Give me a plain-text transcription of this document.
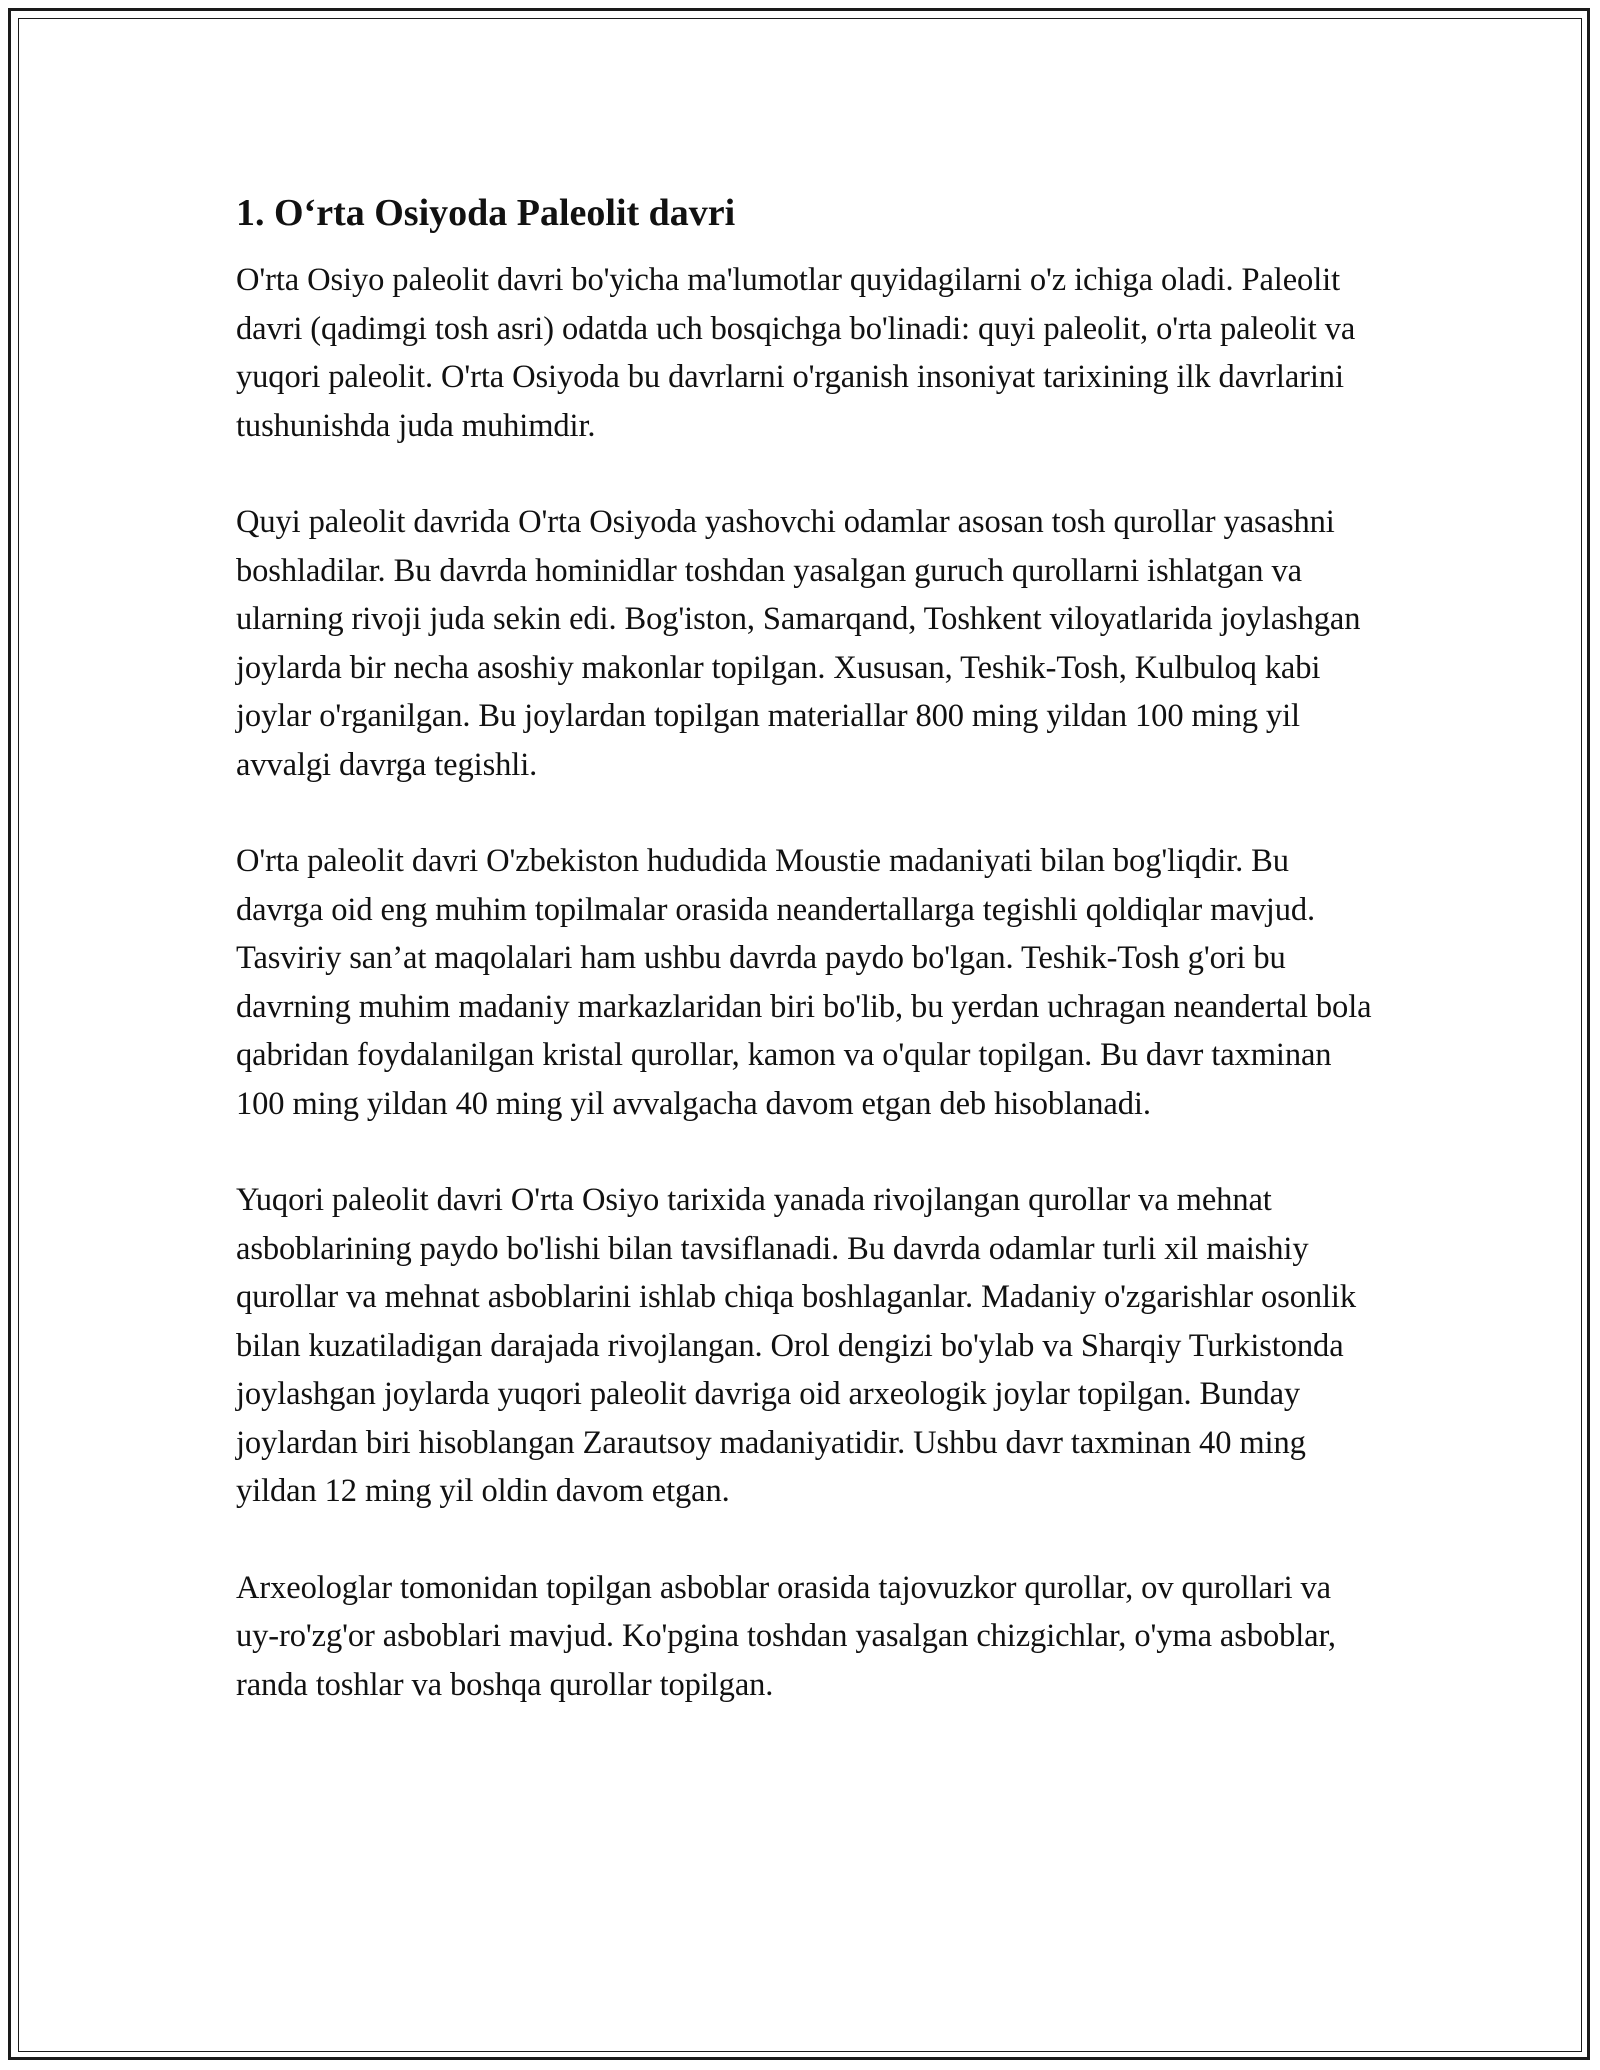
1. O‘rta Osiyoda Paleolit davri

O'rta Osiyo paleolit davri bo'yicha ma'lumotlar quyidagilarni o'z ichiga oladi. Paleolit davri (qadimgi tosh asri) odatda uch bosqichga bo'linadi: quyi paleolit, o'rta paleolit va yuqori paleolit. O'rta Osiyoda bu davrlarni o'rganish insoniyat tarixining ilk davrlarini tushunishda juda muhimdir.

Quyi paleolit davrida O'rta Osiyoda yashovchi odamlar asosan tosh qurollar yasashni boshladilar. Bu davrda hominidlar toshdan yasalgan guruch qurollarni ishlatgan va ularning rivoji juda sekin edi. Bog'iston, Samarqand, Toshkent viloyatlarida joylashgan joylarda bir necha asoshiy makonlar topilgan. Xususan, Teshik-Tosh, Kulbuloq kabi joylar o'rganilgan. Bu joylardan topilgan materiallar 800 ming yildan 100 ming yil avvalgi davrga tegishli.

O'rta paleolit davri O'zbekiston hududida Moustie madaniyati bilan bog'liqdir. Bu davrga oid eng muhim topilmalar orasida neandertallarga tegishli qoldiqlar mavjud. Tasviriy san’at maqolalari ham ushbu davrda paydo bo'lgan. Teshik-Tosh g'ori bu davrning muhim madaniy markazlaridan biri bo'lib, bu yerdan uchragan neandertal bola qabridan foydalanilgan kristal qurollar, kamon va o'qular topilgan. Bu davr taxminan 100 ming yildan 40 ming yil avvalgacha davom etgan deb hisoblanadi.

Yuqori paleolit davri O'rta Osiyo tarixida yanada rivojlangan qurollar va mehnat asboblarining paydo bo'lishi bilan tavsiflanadi. Bu davrda odamlar turli xil maishiy qurollar va mehnat asboblarini ishlab chiqa boshlaganlar. Madaniy o'zgarishlar osonlik bilan kuzatiladigan darajada rivojlangan. Orol dengizi bo'ylab va Sharqiy Turkistonda joylashgan joylarda yuqori paleolit davriga oid arxeologik joylar topilgan. Bunday joylardan biri hisoblangan Zarautsoy madaniyatidir. Ushbu davr taxminan 40 ming yildan 12 ming yil oldin davom etgan.

Arxeologlar tomonidan topilgan asboblar orasida tajovuzkor qurollar, ov qurollari va uy-ro'zg'or asboblari mavjud. Ko'pgina toshdan yasalgan chizgichlar, o'yma asboblar, randa toshlar va boshqa qurollar topilgan.
